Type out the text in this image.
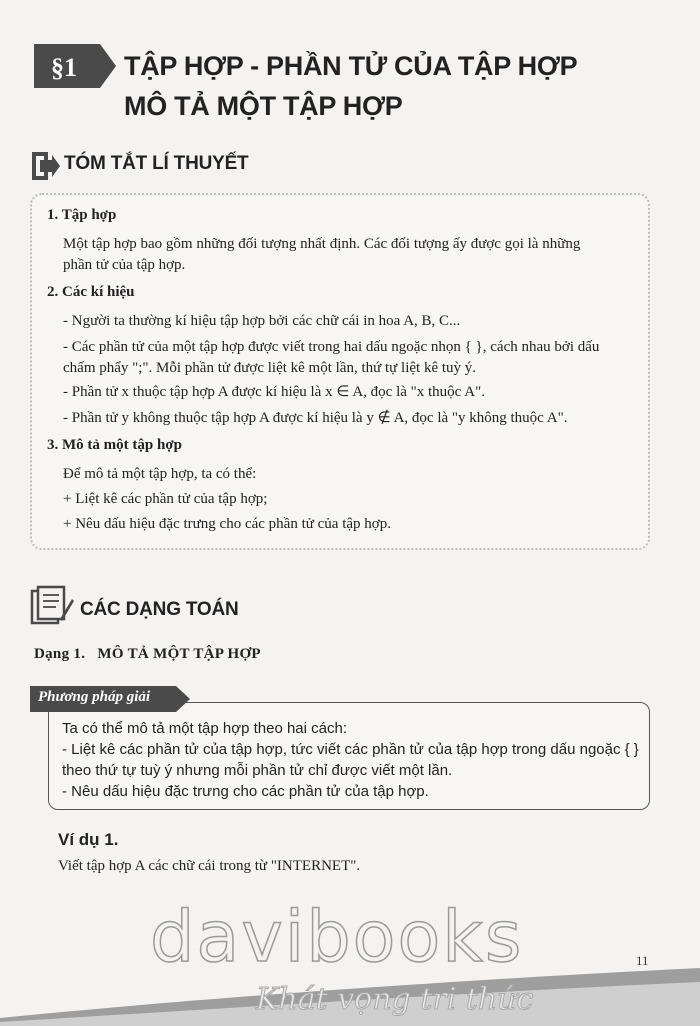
§1 TẬP HỢP - PHẦN TỬ CỦA TẬP HỢP
MÔ TẢ MỘT TẬP HỢP
TÓM TẮT LÍ THUYẾT
1. Tập hợp
Một tập hợp bao gồm những đối tượng nhất định. Các đối tượng ấy được gọi là những
phần tử của tập hợp.
2. Các kí hiệu
- Người ta thường kí hiệu tập hợp bởi các chữ cái in hoa A, B, C...
- Các phần tử của một tập hợp được viết trong hai dấu ngoặc nhọn { }, cách nhau bởi dấu
chấm phẩy ";". Mỗi phần tử được liệt kê một lần, thứ tự liệt kê tuỳ ý.
- Phần tử x thuộc tập hợp A được kí hiệu là x ∈ A, đọc là "x thuộc A".
- Phần tử y không thuộc tập hợp A được kí hiệu là y ∉ A, đọc là "y không thuộc A".
3. Mô tả một tập hợp
Để mô tả một tập hợp, ta có thể:
+ Liệt kê các phần tử của tập hợp;
+ Nêu dấu hiệu đặc trưng cho các phần tử của tập hợp.
CÁC DẠNG TOÁN
Dạng 1.   MÔ TẢ MỘT TẬP HỢP
Phương pháp giải
Ta có thể mô tả một tập hợp theo hai cách:
- Liệt kê các phần tử của tập hợp, tức viết các phần tử của tập hợp trong dấu ngoặc { }
theo thứ tự tuỳ ý nhưng mỗi phần tử chỉ được viết một lần.
- Nêu dấu hiệu đặc trưng cho các phần tử của tập hợp.
Ví dụ 1.
Viết tập hợp A các chữ cái trong từ "INTERNET".
davibooks
Khát vọng tri thức
11
